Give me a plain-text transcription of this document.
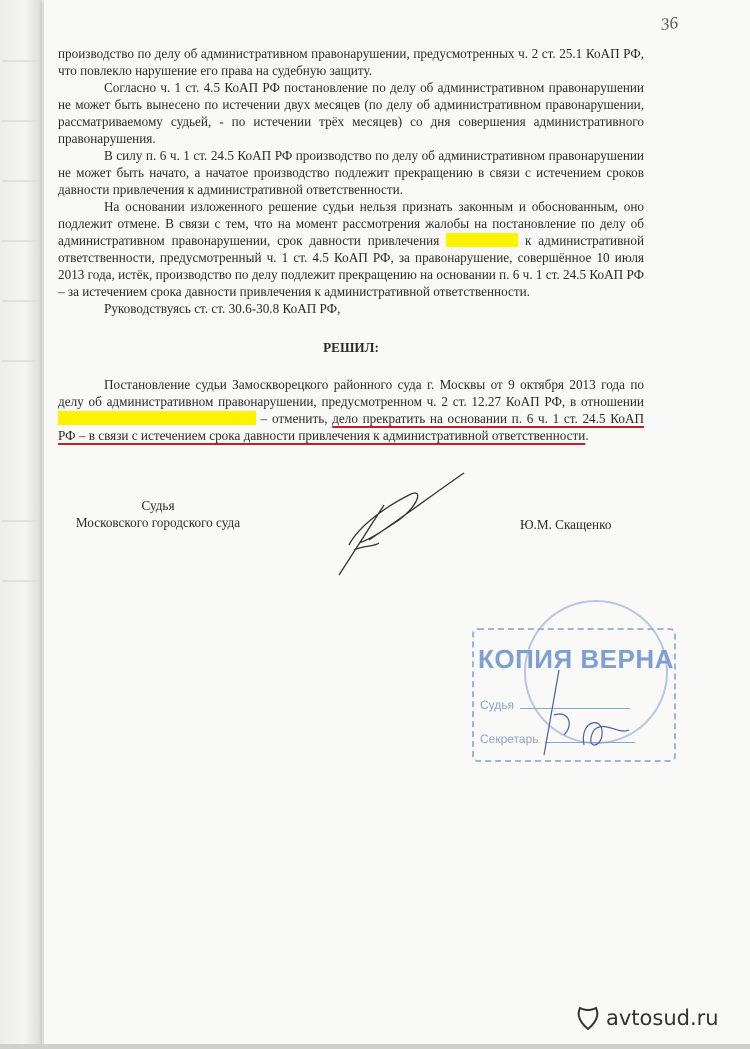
36

производство по делу об административном правонарушении, предусмотренных ч. 2 ст. 25.1 КоАП РФ, что повлекло нарушение его права на судебную защиту.

Согласно ч. 1 ст. 4.5 КоАП РФ постановление по делу об административном правонарушении не может быть вынесено по истечении двух месяцев (по делу об административном правонарушении, рассматриваемому судьей, - по истечении трёх месяцев) со дня совершения административного правонарушения.

В силу п. 6 ч. 1 ст. 24.5 КоАП РФ производство по делу об административном правонарушении не может быть начато, а начатое производство подлежит прекращению в связи с истечением сроков давности привлечения к административной ответственности.

На основании изложенного решение судьи нельзя признать законным и обоснованным, оно подлежит отмене. В связи с тем, что на момент рассмотрения жалобы на постановление по делу об административном правонарушении, срок давности привлечения	к административной ответственности, предусмотренный ч. 1 ст. 4.5 КоАП РФ, за правонарушение, совершённое 10 июля 2013 года, истёк, производство по делу подлежит прекращению на основании п. 6 ч. 1 ст. 24.5 КоАП РФ – за истечением срока давности привлечения к административной ответственности.

Руководствуясь ст. ст. 30.6-30.8 КоАП РФ,

РЕШИЛ:

Постановление судьи Замоскворецкого районного суда г. Москвы от 9 октября 2013 года по делу об административном правонарушении, предусмотренном ч. 2 ст. 12.27 КоАП РФ, в отношении  – отменить, дело прекратить на основании п. 6 ч. 1 ст. 24.5 КоАП РФ – в связи с истечением срока давности привлечения к административной ответственности.

Судья
Московского городского суда	Ю.М. Скащенко
КОПИЯ ВЕРНА
Судья
Секретарь
avtosud.ru
